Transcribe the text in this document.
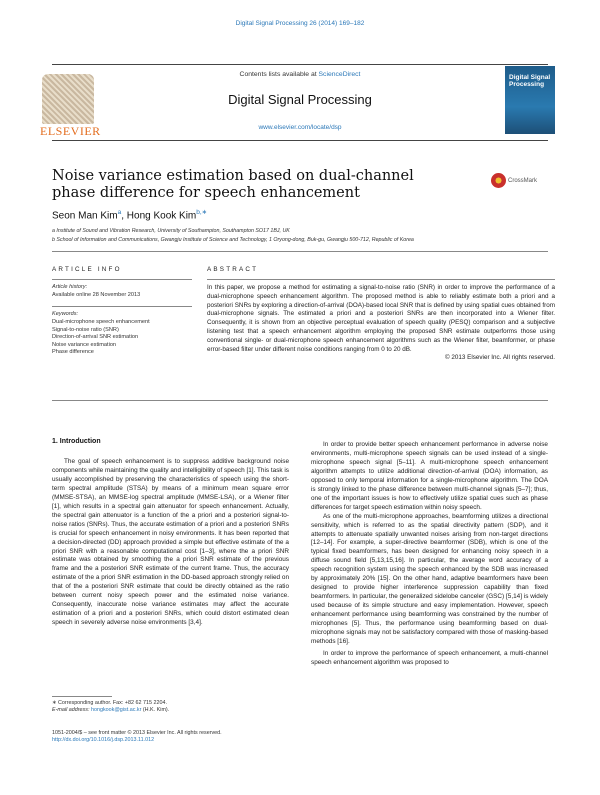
Digital Signal Processing 26 (2014) 169–182
ELSEVIER
Contents lists available at ScienceDirect
Digital Signal Processing
www.elsevier.com/locate/dsp
Digital Signal Processing
Noise variance estimation based on dual-channel phase difference for speech enhancement
CrossMark
Seon Man Kim$^a$, Hong Kook Kim$^{b,∗}$
a Institute of Sound and Vibration Research, University of Southampton, Southampton SO17 1BJ, UK
b School of Information and Communications, Gwangju Institute of Science and Technology, 1 Oryong-dong, Buk-gu, Gwangju 500-712, Republic of Korea
ARTICLE INFO	ABSTRACT
Article history:
Available online 28 November 2013
Keywords:
Dual-microphone speech enhancement
Signal-to-noise ratio (SNR)
Direction-of-arrival SNR estimation
Noise variance estimation
Phase difference
In this paper, we propose a method for estimating a signal-to-noise ratio (SNR) in order to improve the performance of a dual-microphone speech enhancement algorithm. The proposed method is able to reliably estimate both a priori and a posteriori SNRs by exploring a direction-of-arrival (DOA)-based local SNR that is defined by using spatial cues obtained from dual-microphone signals. The estimated a priori and a posteriori SNRs are then incorporated into a Wiener filter. Consequently, it is shown from an objective perceptual evaluation of speech quality (PESQ) comparison and a subjective listening test that a speech enhancement algorithm employing the proposed SNR estimate outperforms those using conventional single- or dual-microphone speech enhancement algorithms such as the Wiener filter, beamformer, or phase error-based filter under different noise conditions ranging from 0 to 20 dB.
© 2013 Elsevier Inc. All rights reserved.
1. Introduction

The goal of speech enhancement is to suppress additive background noise components while maintaining the quality and intelligibility of speech [1]. This task is usually accomplished by preserving the characteristics of speech using the short-term spectral amplitude (STSA) by means of a minimum mean square error (MMSE-STSA), an MMSE-log spectral amplitude (MMSE-LSA), or a Wiener filter [1], which results in a spectral gain attenuator for speech enhancement. Actually, the spectral gain attenuator is a function of the a priori and a posteriori signal-to-noise ratios (SNRs). Thus, the accurate estimation of a priori and a posteriori SNRs is crucial for speech enhancement in noisy environments. It has been reported that a decision-directed (DD) approach provided a simple but effective estimate of the a priori SNR with a reasonable computational cost [1–3], where the a priori SNR estimate was obtained by smoothing the a priori SNR estimate of the previous frame and the a posteriori SNR estimate of the current frame. Thus, the accuracy estimate of the a priori SNR estimation in the DD-based approach strongly relied on that of the a posteriori SNR estimate that could be directly obtained as the ratio between current noisy speech power and the estimated noise variance. Consequently, inaccurate noise variance estimates may affect the accurate estimation of a priori and a posteriori SNRs, which could distort estimated clean speech in severely adverse noise environments [3,4].

In order to provide better speech enhancement performance in adverse noise environments, multi-microphone speech signals can be used instead of a single-microphone speech signal [5–11]. A multi-microphone speech enhancement algorithm attempts to utilize additional direction-of-arrival (DOA) information, as opposed to only temporal information for a single-microphone algorithm. The DOA is strongly linked to the phase difference between multi-channel signals [5–7]; thus, one of the important issues is how to effectively utilize spatial cues such as phase differences for target speech estimation within noisy speech.

As one of the multi-microphone approaches, beamforming utilizes a directional sensitivity, which is referred to as the spatial directivity pattern (SDP), and it attempts to attenuate spatially unwanted noises arising from non-target directions [12–14]. For example, a super-directive beamformer (SDB), which is one of the typical fixed beamformers, has been designed for enhancing noisy speech in a diffuse sound field [5,13,15,16]. In particular, the average word accuracy of a speech recognition system using the speech enhanced by the SDB was increased by approximately 20% [15]. On the other hand, adaptive beamformers have been designed to provide higher interference suppression capability than fixed beamformers. In particular, the generalized sidelobe canceler (GSC) [5,14] is widely used because of its simple structure and easy implementation. However, speech enhancement performance using beamforming was constrained by the number of microphones [5]. Thus, the performance using beamforming based on dual-microphone signals may not be satisfactory compared with those of masking-based methods [16].

In order to improve the performance of speech enhancement, a multi-channel speech enhancement algorithm was proposed to

∗ Corresponding author. Fax: +82 62 715 2204.
E-mail address: hongkook@gist.ac.kr (H.K. Kim).
1051-2004/$ – see front matter © 2013 Elsevier Inc. All rights reserved.
http://dx.doi.org/10.1016/j.dsp.2013.11.012
